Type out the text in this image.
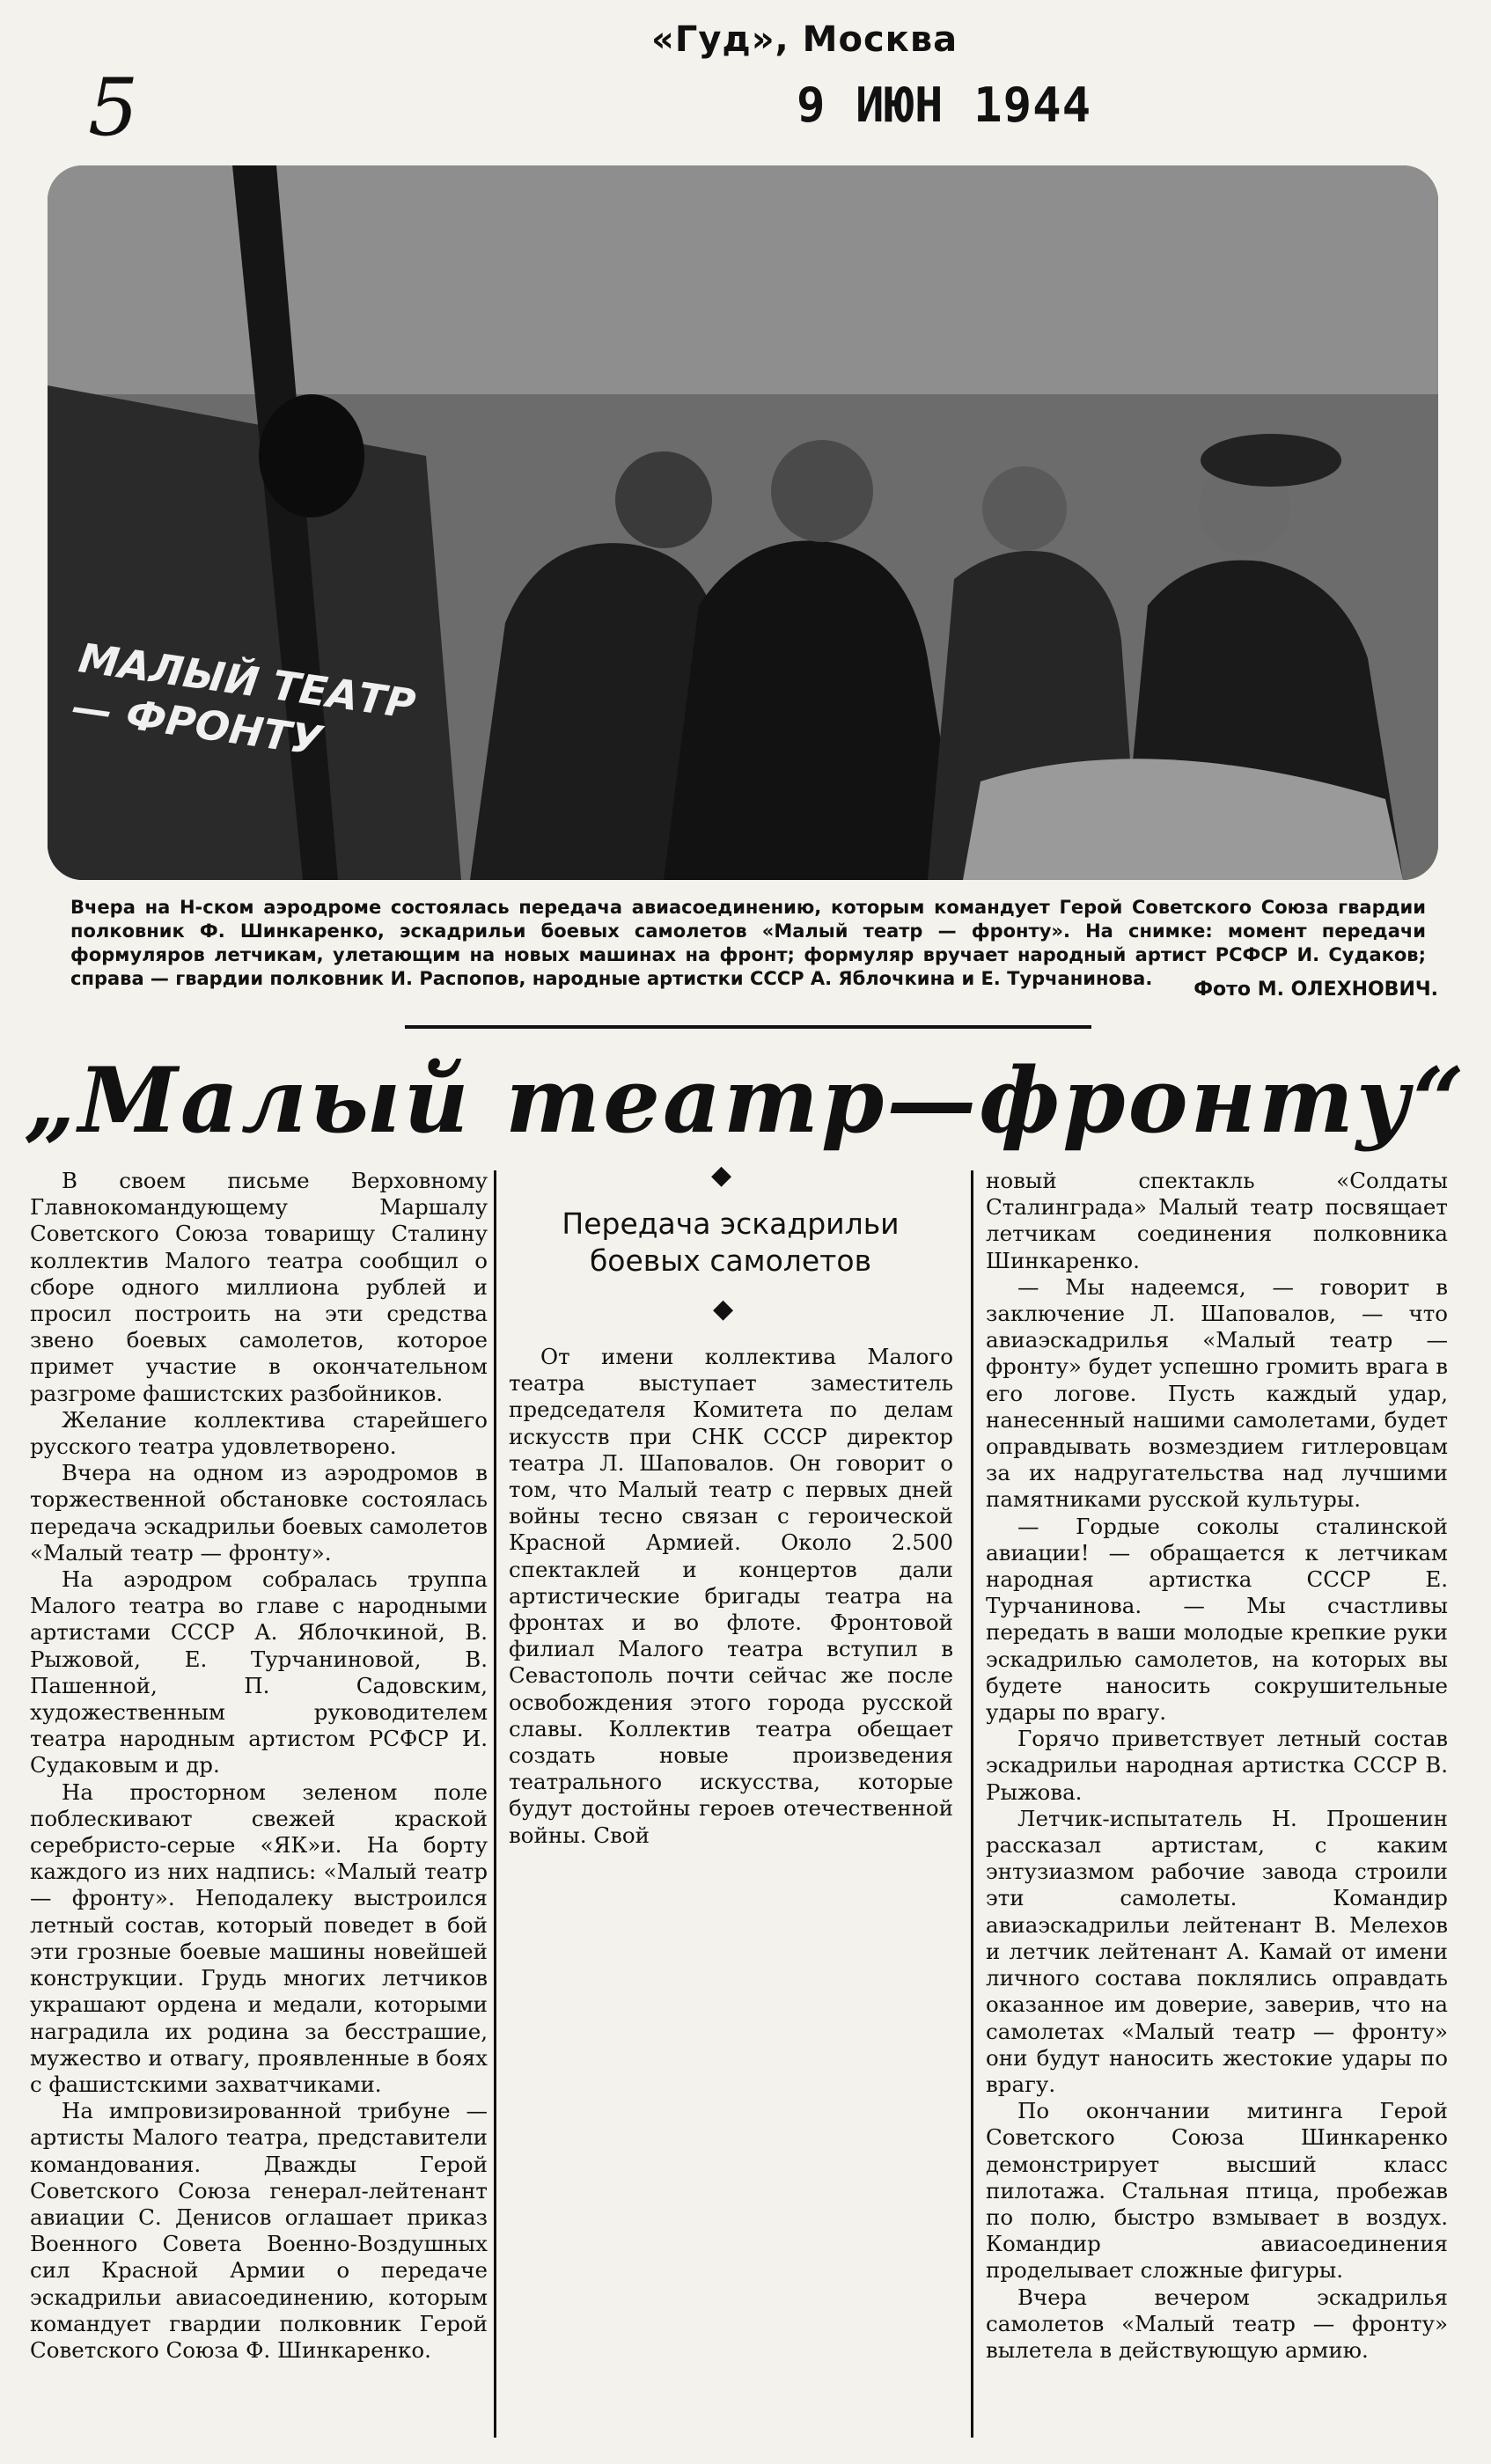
«Гуд», Москва
5	9 ИЮН 1944
МАЛЫЙ ТЕАТР — ФРОНТУ
Вчера на Н-ском аэродроме состоялась передача авиасоединению, которым командует Герой Советского Союза гвардии полковник Ф. Шинкаренко, эскадрильи боевых самолетов «Малый театр — фронту». На снимке: момент передачи формуляров летчикам, улетающим на новых машинах на фронт; формуляр вручает народный артист РСФСР И. Судаков; справа — гвардии полковник И. Распопов, народные артистки СССР А. Яблочкина и Е. Турчанинова.	Фото М. ОЛЕХНОВИЧ.
„Малый театр—фронту“
◆

В своем письме Верховному Главнокомандующему Маршалу Советского Союза товарищу Сталину коллектив Малого театра сообщил о сборе одного миллиона рублей и просил построить на эти средства звено боевых самолетов, которое примет участие в окончательном разгроме фашистских разбойников.

Желание коллектива старейшего русского театра удовлетворено.

Вчера на одном из аэродромов в торжественной обстановке состоялась передача эскадрильи боевых самолетов «Малый театр — фронту».

На аэродром собралась труппа Малого театра во главе с народными артистами СССР А. Яблочкиной, В. Рыжовой, Е. Турчаниновой, В. Пашенной, П. Садовским, художественным руководителем театра народным артистом РСФСР И. Судаковым и др.

На просторном зеленом поле поблескивают свежей краской серебристо-серые «ЯК»и. На борту каждого из них надпись: «Малый театр — фронту». Неподалеку выстроился летный состав, который поведет в бой эти грозные боевые машины новейшей конструкции. Грудь многих летчиков украшают ордена и медали, которыми наградила их родина за бесстрашие, мужество и отвагу, проявленные в боях с фашистскими захватчиками.

На импровизированной трибуне — артисты Малого театра, представители командования. Дважды Герой Советского Союза генерал-лейтенант авиации С. Денисов оглашает приказ Военного Совета Военно-Воздушных сил Красной Армии о передаче эскадрильи авиасоединению, которым командует гвардии полковник Герой Советского Союза Ф. Шинкаренко.

Передача эскадрильи боевых самолетов
◆

От имени коллектива Малого театра выступает заместитель председателя Комитета по делам искусств при СНК СССР директор театра Л. Шаповалов. Он говорит о том, что Малый театр с первых дней войны тесно связан с героической Красной Армией. Около 2.500 спектаклей и концертов дали артистические бригады театра на фронтах и во флоте. Фронтовой филиал Малого театра вступил в Севастополь почти сейчас же после освобождения этого города русской славы. Коллектив театра обещает создать новые произведения театрального искусства, которые будут достойны героев отечественной войны. Свой

новый спектакль «Солдаты Сталинграда» Малый театр посвящает летчикам соединения полковника Шинкаренко.

— Мы надеемся, — говорит в заключение Л. Шаповалов, — что авиаэскадрилья «Малый театр — фронту» будет успешно громить врага в его логове. Пусть каждый удар, нанесенный нашими самолетами, будет оправдывать возмездием гитлеровцам за их надругательства над лучшими памятниками русской культуры.

— Гордые соколы сталинской авиации! — обращается к летчикам народная артистка СССР Е. Турчанинова. — Мы счастливы передать в ваши молодые крепкие руки эскадрилью самолетов, на которых вы будете наносить сокрушительные удары по врагу.

Горячо приветствует летный состав эскадрильи народная артистка СССР В. Рыжова.

Летчик-испытатель Н. Прошенин рассказал артистам, с каким энтузиазмом рабочие завода строили эти самолеты. Командир авиаэскадрильи лейтенант В. Мелехов и летчик лейтенант А. Камай от имени личного состава поклялись оправдать оказанное им доверие, заверив, что на самолетах «Малый театр — фронту» они будут наносить жестокие удары по врагу.

По окончании митинга Герой Советского Союза Шинкаренко демонстрирует высший класс пилотажа. Стальная птица, пробежав по полю, быстро взмывает в воздух. Командир авиасоединения проделывает сложные фигуры.

Вчера вечером эскадрилья самолетов «Малый театр — фронту» вылетела в действующую армию.
